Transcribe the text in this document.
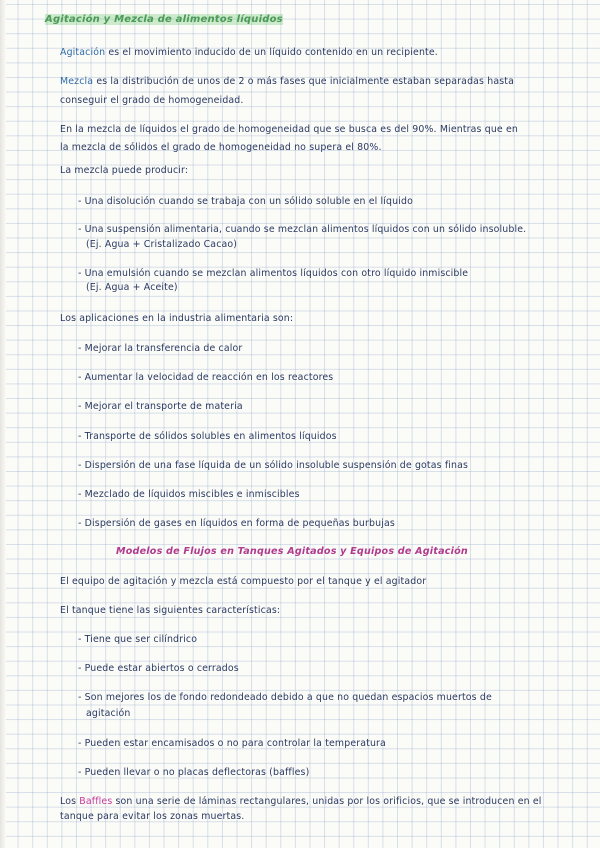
Agitación y Mezcla de alimentos líquidos

Agitación es el movimiento inducido de un líquido contenido en un recipiente.

Mezcla es la distribución de unos de 2 o más fases que inicialmente estaban separadas hasta

conseguir el grado de homogeneidad.

En la mezcla de líquidos el grado de homogeneidad que se busca es del 90%. Mientras que en

la mezcla de sólidos el grado de homogeneidad no supera el 80%.

La mezcla puede producir:

- Una disolución cuando se trabaja con un sólido soluble en el líquido

- Una suspensión alimentaria, cuando se mezclan alimentos líquidos con un sólido insoluble.

(Ej. Agua + Cristalizado Cacao)

- Una emulsión cuando se mezclan alimentos líquidos con otro líquido inmiscible

(Ej. Agua + Aceite)

Los aplicaciones en la industria alimentaria son:

- Mejorar la transferencia de calor

- Aumentar la velocidad de reacción en los reactores

- Mejorar el transporte de materia

- Transporte de sólidos solubles en alimentos líquidos

- Dispersión de una fase líquida de un sólido insoluble suspensión de gotas finas

- Mezclado de líquidos miscibles e inmiscibles

- Dispersión de gases en líquidos en forma de pequeñas burbujas

Modelos de Flujos en Tanques Agitados y Equipos de Agitación

El equipo de agitación y mezcla está compuesto por el tanque y el agitador

El tanque tiene las siguientes características:

- Tiene que ser cilíndrico

- Puede estar abiertos o cerrados

- Son mejores los de fondo redondeado debido a que no quedan espacios muertos de

agitación

- Pueden estar encamisados o no para controlar la temperatura

- Pueden llevar o no placas deflectoras (baffles)

Los Baffles son una serie de láminas rectangulares, unidas por los orificios, que se introducen en el

tanque para evitar los zonas muertas.
